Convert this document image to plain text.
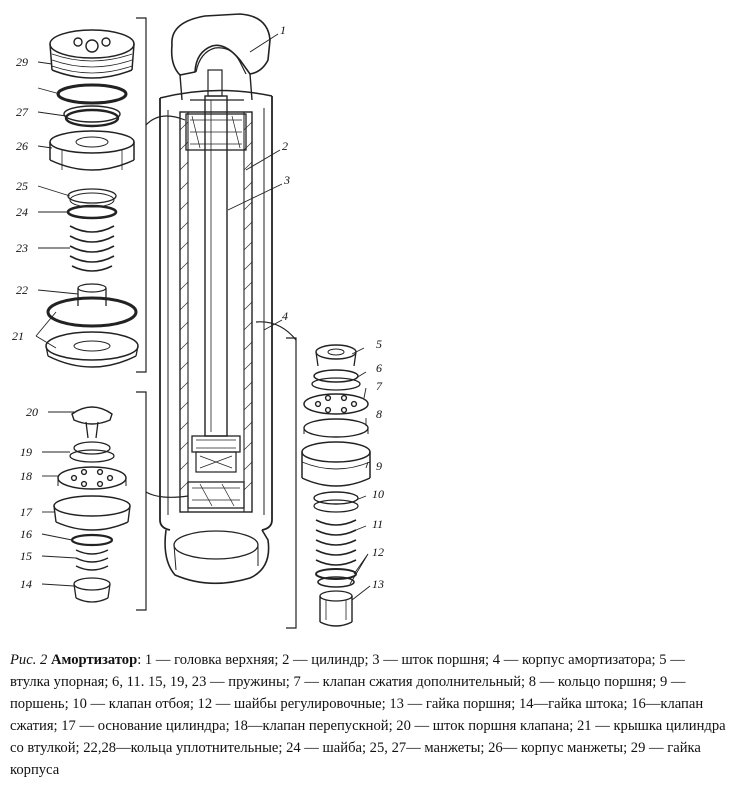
1
2
3
4
5
6
7
8
9
10
11
12
13
14
15
16
17
18
19
20
21
22
23
24
25
26
27
29
Рис. 2 Амортизатор: 1 — головка верхняя; 2 — цилиндр; 3 — шток поршня; 4 — корпус амортизатора; 5 — втулка упорная; 6, 11. 15, 19, 23 — пружины; 7 — клапан сжатия дополнительный; 8 — кольцо поршня; 9 — поршень; 10 — клапан отбоя; 12 — шайбы регулировочные; 13 — гайка поршня; 14—гайка штока; 16—клапан сжатия; 17 — основание цилиндра; 18—клапан перепускной; 20 — шток поршня клапана; 21 — крышка цилиндра со втулкой; 22,28—кольца уплотнительные; 24 — шайба; 25, 27— манжеты; 26— корпус манжеты; 29 — гайка корпуса
